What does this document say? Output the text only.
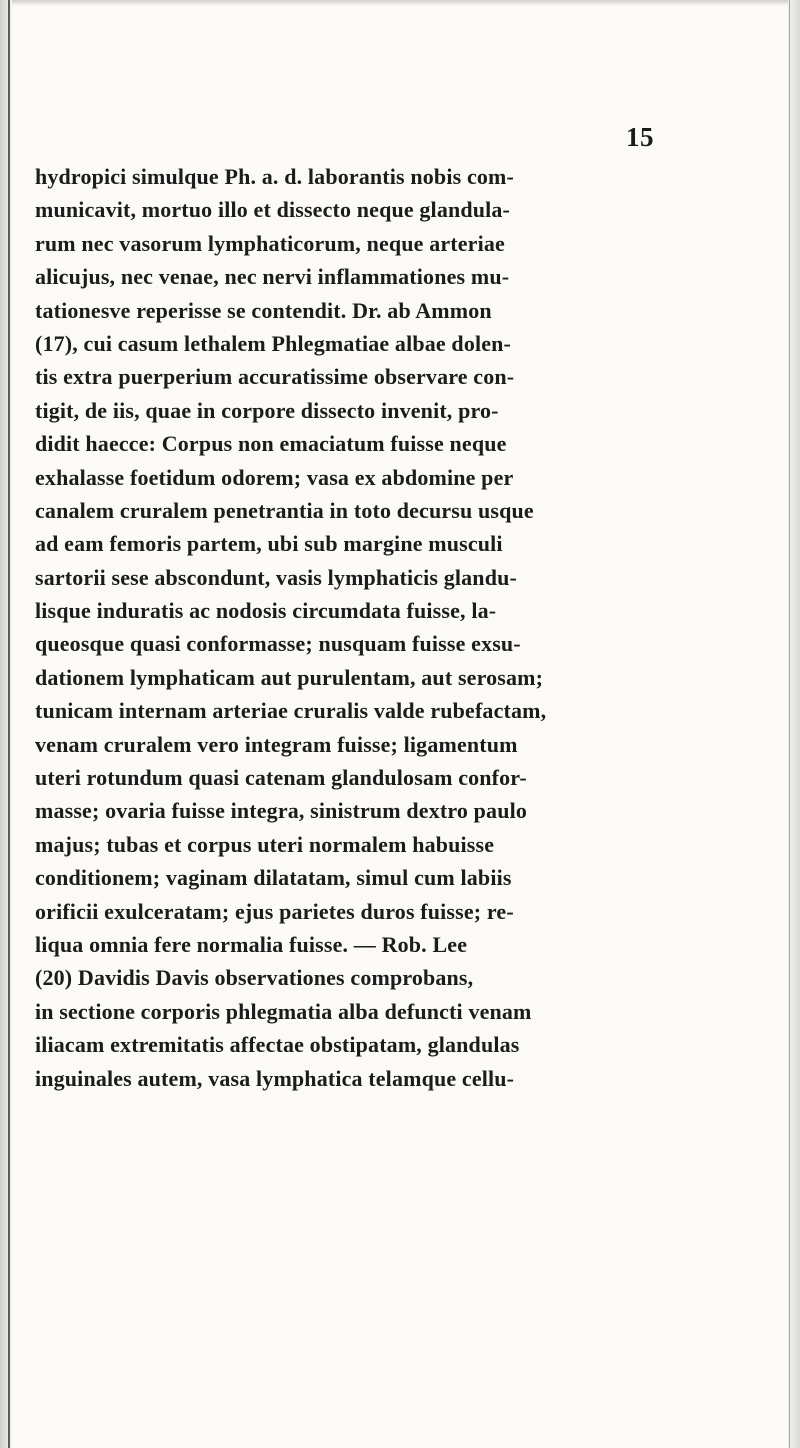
15
hydropici simulque Ph. a. d. laborantis nobis com-
municavit, mortuo illo et dissecto neque glandula-
rum nec vasorum lymphaticorum, neque arteriae
alicujus, nec venae, nec nervi inflammationes mu-
tationesve reperisse se contendit. Dr. ab Ammon
(17), cui casum lethalem Phlegmatiae albae dolen-
tis extra puerperium accuratissime observare con-
tigit, de iis, quae in corpore dissecto invenit, pro-
didit haecce: Corpus non emaciatum fuisse neque
exhalasse foetidum odorem; vasa ex abdomine per
canalem cruralem penetrantia in toto decursu usque
ad eam femoris partem, ubi sub margine musculi
sartorii sese abscondunt, vasis lymphaticis glandu-
lisque induratis ac nodosis circumdata fuisse, la-
queosque quasi conformasse; nusquam fuisse exsu-
dationem lymphaticam aut purulentam, aut serosam;
tunicam internam arteriae cruralis valde rubefactam,
venam cruralem vero integram fuisse; ligamentum
uteri rotundum quasi catenam glandulosam confor-
masse; ovaria fuisse integra, sinistrum dextro paulo
majus; tubas et corpus uteri normalem habuisse
conditionem; vaginam dilatatam, simul cum labiis
orificii exulceratam; ejus parietes duros fuisse; re-
liqua omnia fere normalia fuisse. — Rob. Lee
(20) Davidis Davis observationes comprobans,
in sectione corporis phlegmatia alba defuncti venam
iliacam extremitatis affectae obstipatam, glandulas
inguinales autem, vasa lymphatica telamque cellu-
